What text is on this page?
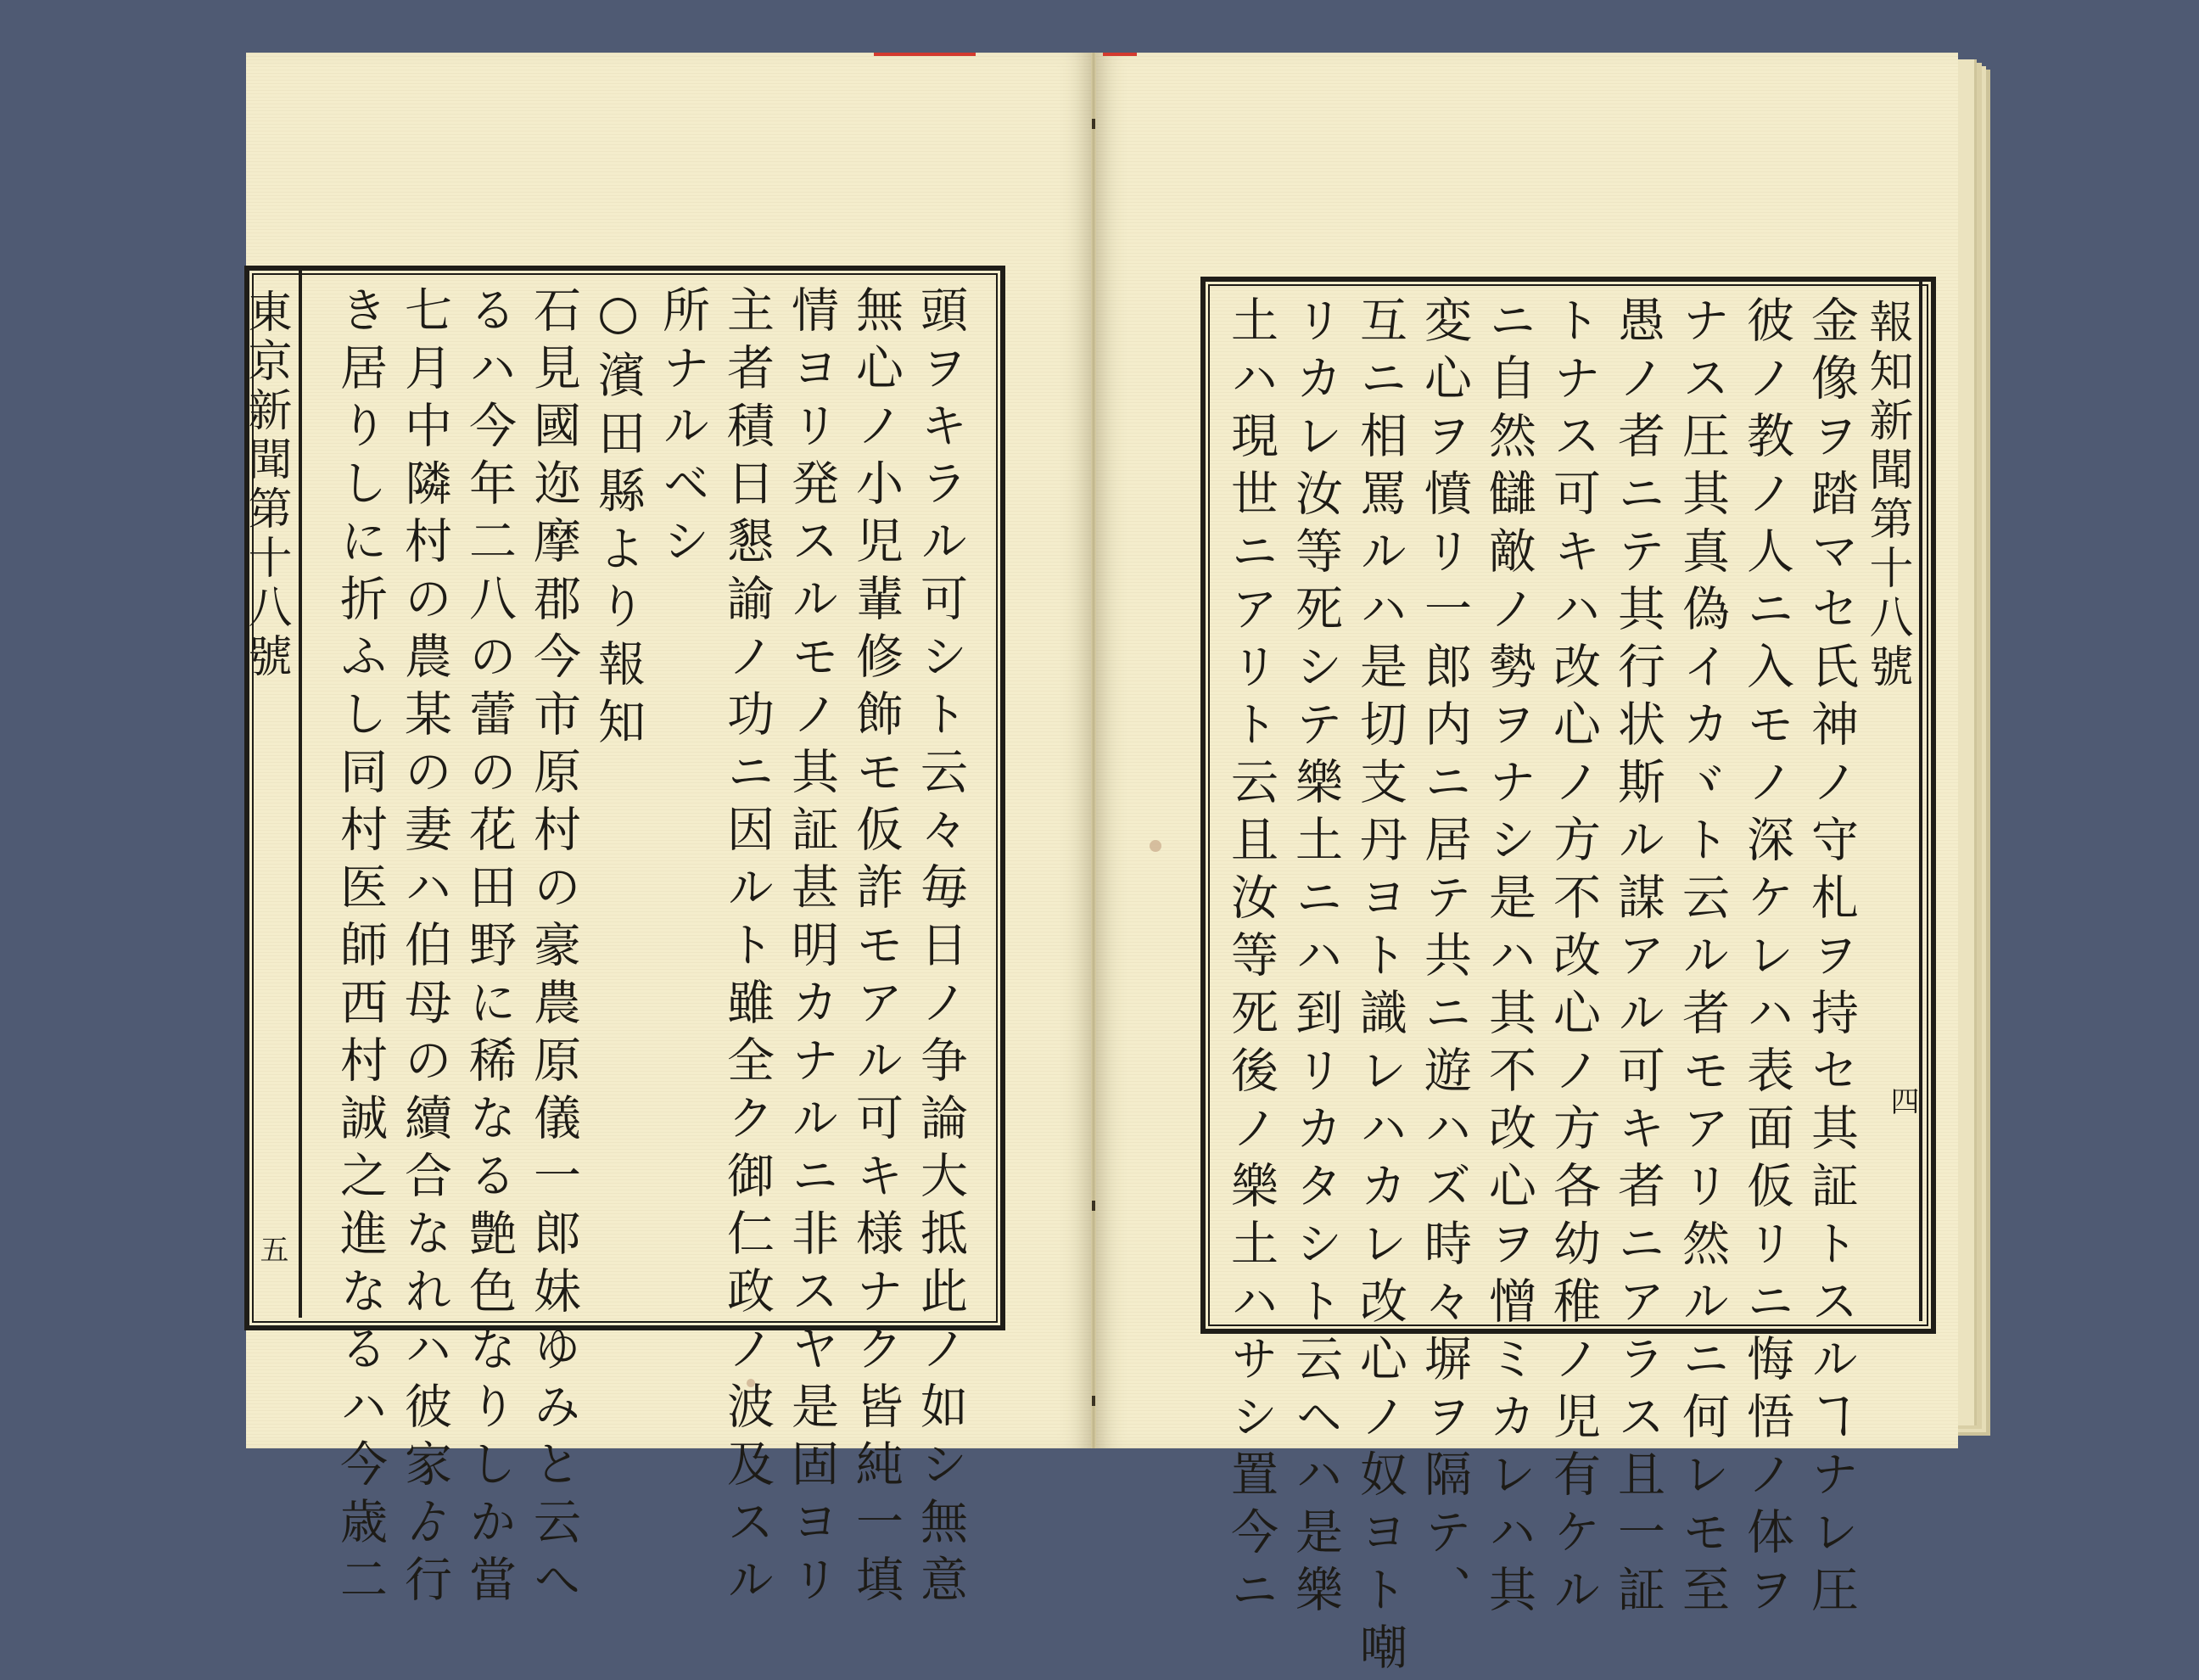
頭ヲキラル可シト云々毎日ノ争論大抵此ノ如シ無意
無心ノ小児輩修飾モ仮詐モアル可キ様ナク皆純一填
情ヨリ発スルモノ其証甚明カナルニ非スヤ是固ヨリ
主者積日懇諭ノ功ニ因ルト雖全ク御仁政ノ波及スル
所ナルベシ
○濱田縣より報知
石見國迩摩郡今市原村の豪農原儀一郎妹ゆみと云へ
るハ今年二八の蕾の花田野に稀なる艶色なりしか當
七月中隣村の農某の妻ハ伯母の續合なれハ彼家ゟ行
き居りしに折ふし同村医師西村誠之進なるハ今歳二	金像ヲ踏マセ氏神ノ守札ヲ持セ其証トスルヿナレ圧
彼ノ教ノ人ニ入モノ深ケレハ表面仮リニ悔悟ノ体ヲ
ナス圧其真偽イカヾト云ル者モアリ然ルニ何レモ至
愚ノ者ニテ其行状斯ル謀アル可キ者ニアラス且一証
トナス可キハ改心ノ方不改心ノ方各幼稚ノ児有ケル
ニ自然讎敵ノ勢ヲナシ是ハ其不改心ヲ憎ミカレハ其
変心ヲ憤リ一郎内ニ居テ共ニ遊ハズ時々塀ヲ隔テ、
互ニ相罵ルハ是切支丹ヨト識レハカレ改心ノ奴ヨト嘲
リカレ汝等死シテ樂土ニハ到リカタシト云ヘハ是樂
土ハ現世ニアリト云且汝等死後ノ樂土ハサシ置今ニ
東京新聞第十八號
五
報知新聞第十八號
四
